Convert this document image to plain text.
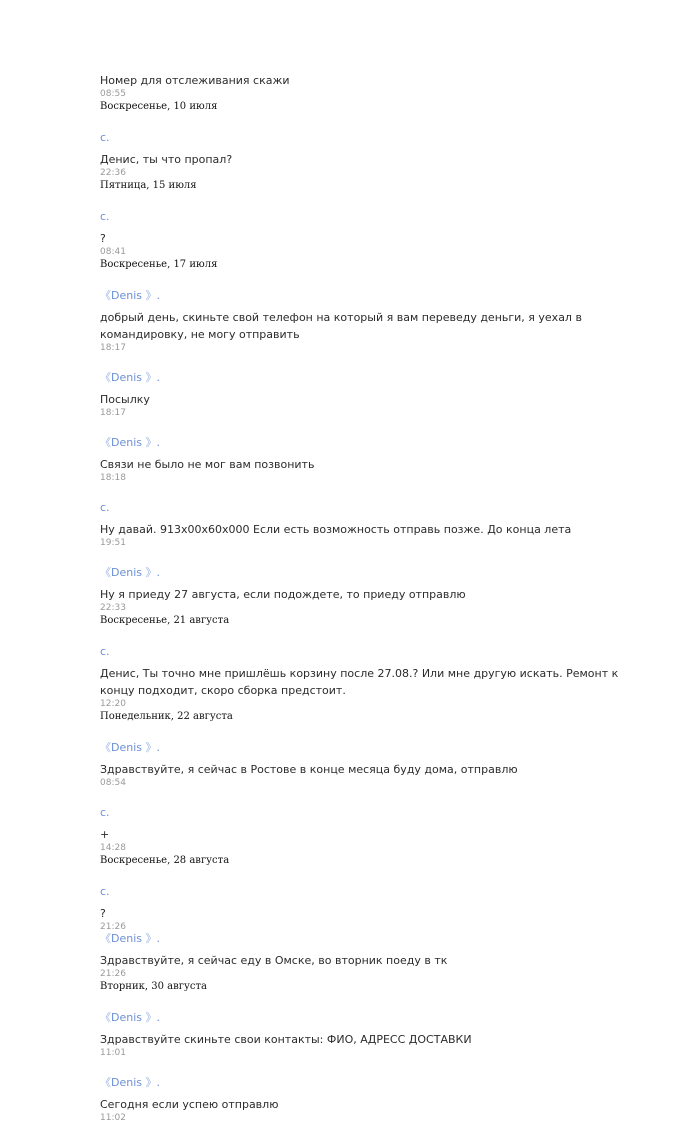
Номер для отслеживания скажи
08:55
Воскресенье, 10 июля
с.
Денис, ты что пропал?
22:36
Пятница, 15 июля
с.
?
08:41
Воскресенье, 17 июля
《Denis 》.
добрый день, скиньте свой телефон на который я вам переведу деньги, я уехал в командировку, не могу отправить
18:17
《Denis 》.
Посылку
18:17
《Denis 》.
Связи не было не мог вам позвонить
18:18
с.
Ну давай. 913х00х60х000 Если есть возможность отправь позже. До конца лета
19:51
《Denis 》.
Ну я приеду 27 августа, если подождете, то приеду отправлю
22:33
Воскресенье, 21 августа
с.
Денис, Ты точно мне пришлёшь корзину после 27.08.? Или мне другую искать. Ремонт к концу подходит, скоро сборка предстоит.
12:20
Понедельник, 22 августа
《Denis 》.
Здравствуйте, я сейчас в Ростове в конце месяца буду дома, отправлю
08:54
с.
+
14:28
Воскресенье, 28 августа
с.
?
21:26
《Denis 》.
Здравствуйте, я сейчас еду в Омске, во вторник поеду в тк
21:26
Вторник, 30 августа
《Denis 》.
Здравствуйте скиньте свои контакты: ФИО, АДРЕСС ДОСТАВКИ
11:01
《Denis 》.
Сегодня если успею отправлю
11:02
